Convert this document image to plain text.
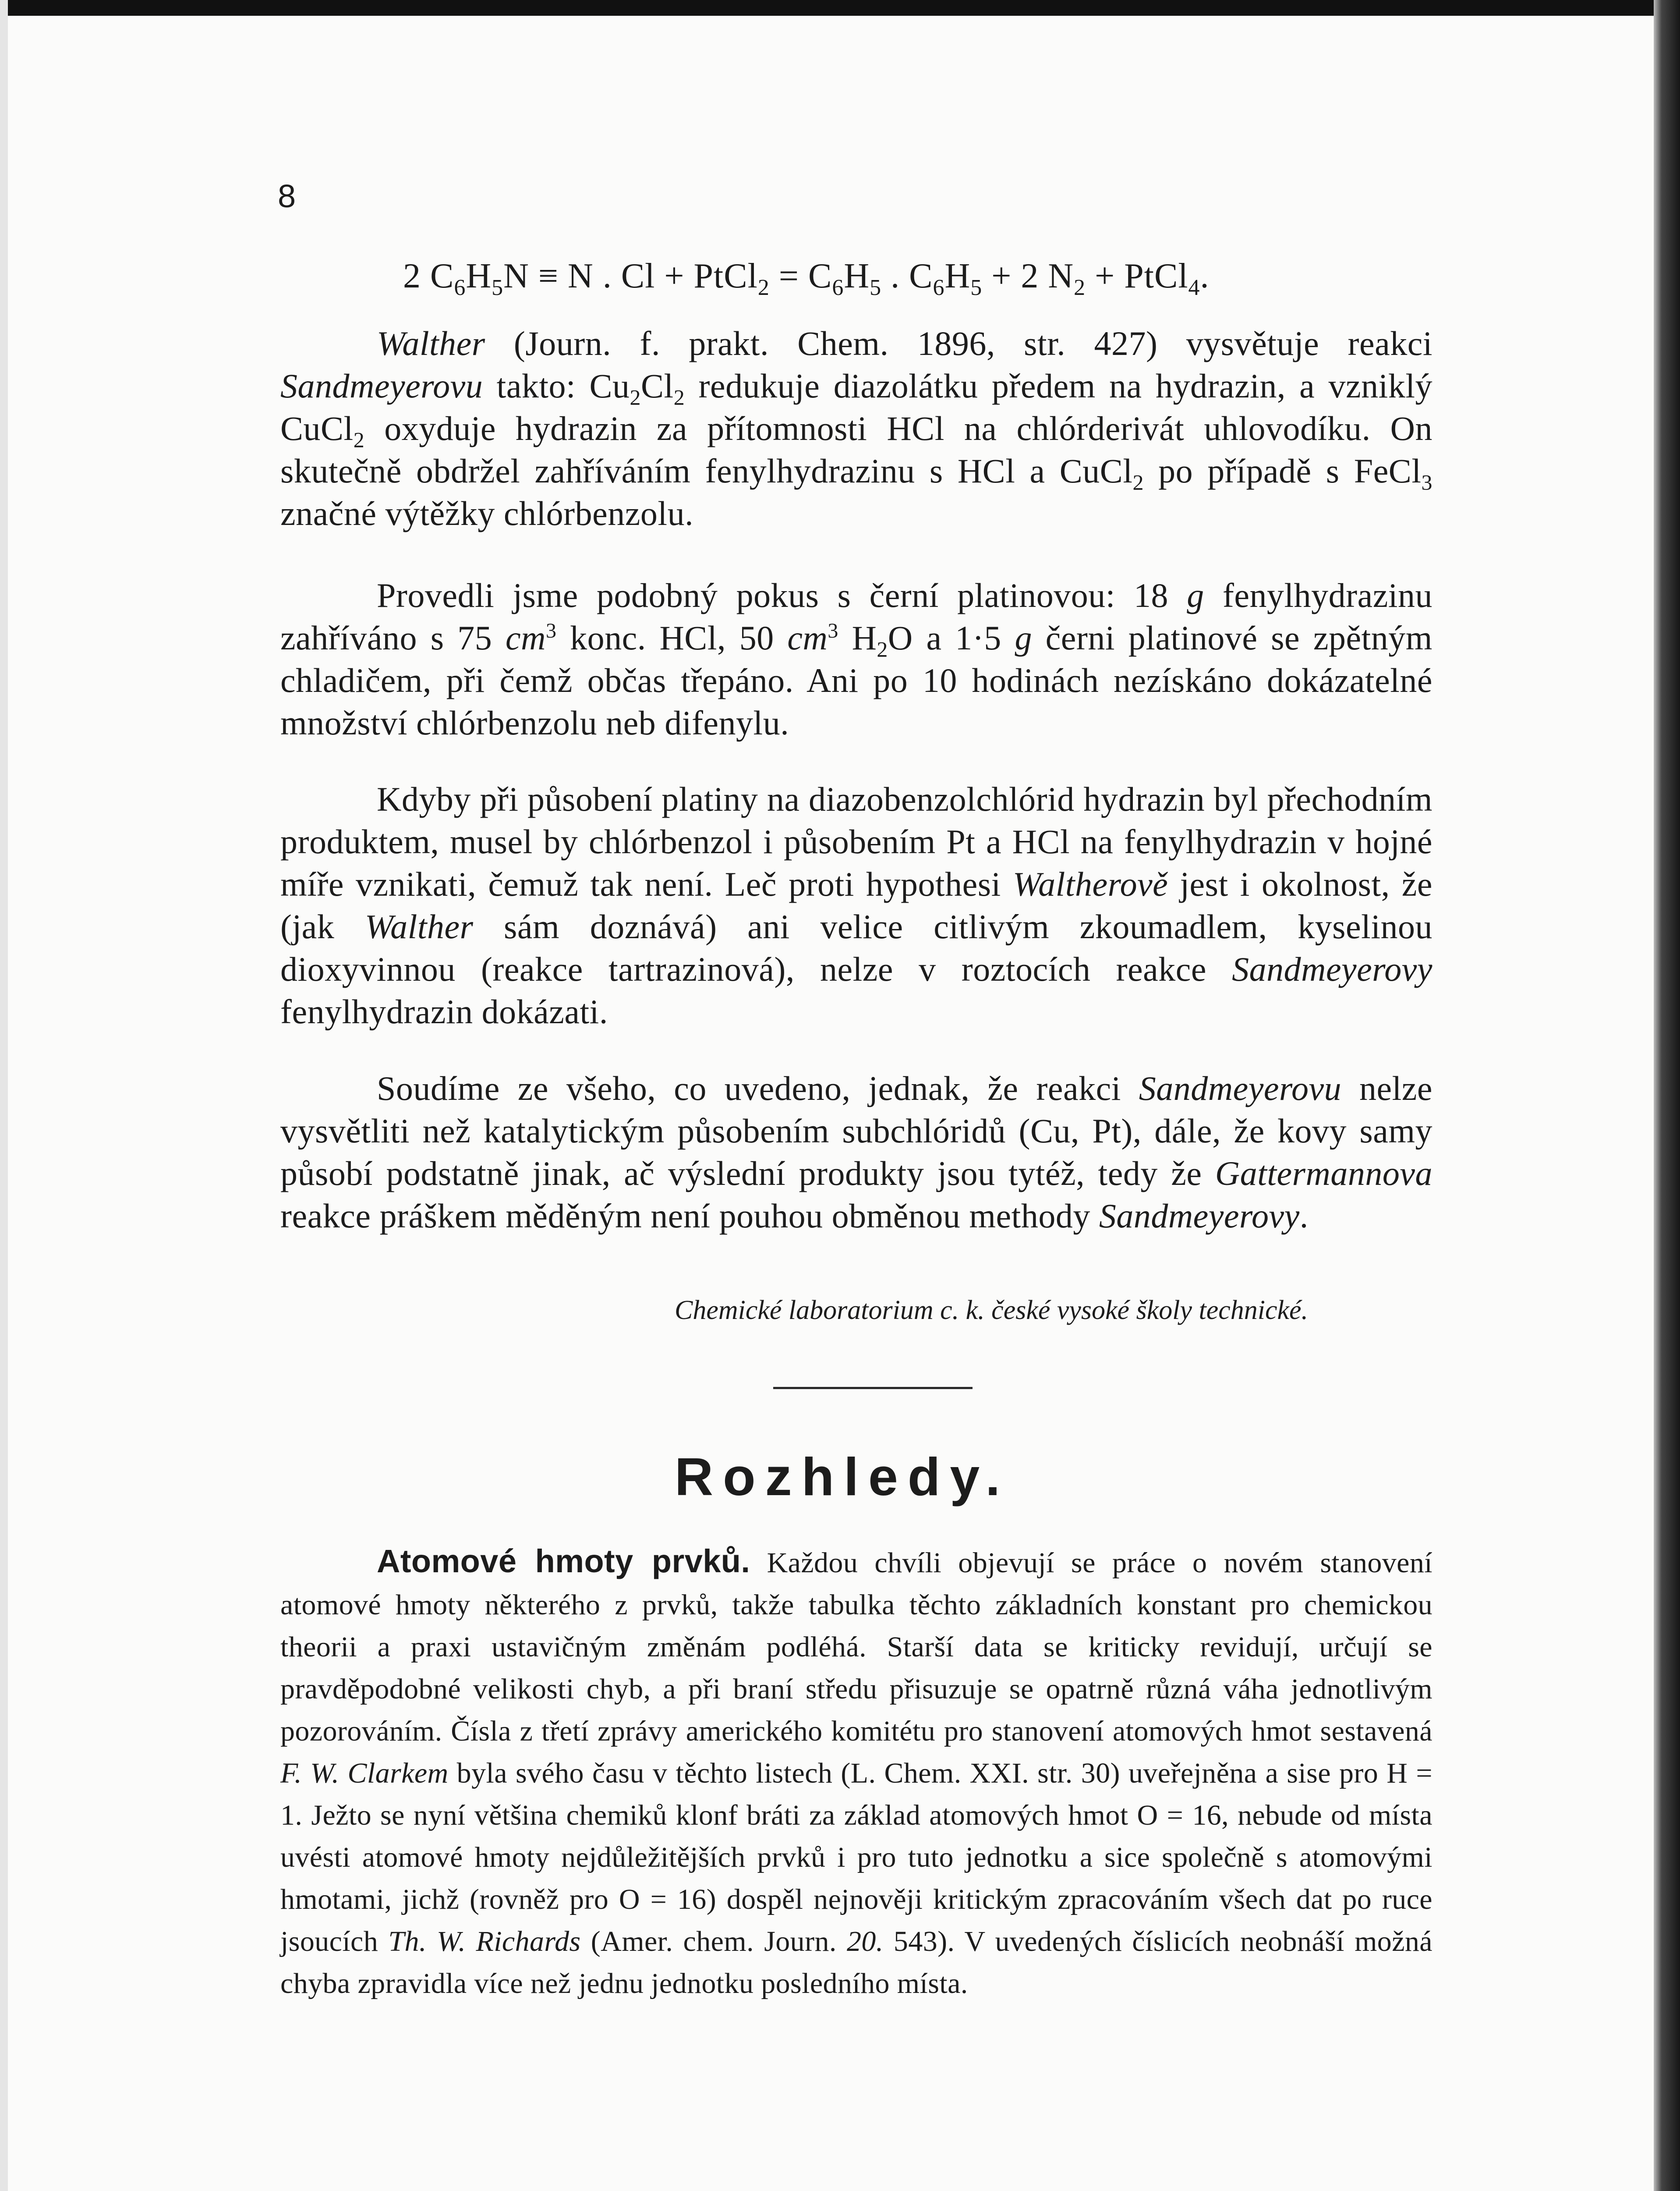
8
2 $C_6H_5N \equiv N$ . Cl + PtCl$_2$ = $C_6H_5$ . $C_6H_5 + 2$ $N_2$ + PtCl$_4$.

Walther (Journ. f. prakt. Chem. 1896, str. 427) vysvětuje reakci Sandmeyerovu takto: $Cu_2Cl_2$ redukuje diazolátku předem na hydrazin, a vzniklý CuCl$_2$ oxyduje hydrazin za přítomnosti HCl na chlórderivát uhlovodíku. On skutečně obdržel zahříváním fenylhydrazinu s HCl a CuCl$_2$ po případě s FeCl$_3$ značné výtěžky chlórbenzolu.

Provedli jsme podobný pokus s černí platinovou: 18 g fenylhydrazinu zahříváno s 75 $cm^3$ konc. HCl, 50 $cm^3$ $H_2O$ a 1·5 g černi platinové se zpětným chladičem, při čemž občas třepáno. Ani po 10 hodinách nezískáno dokázatelné množství chlórbenzolu neb difenylu.

Kdyby při působení platiny na diazobenzolchlórid hydrazin byl přechodním produktem, musel by chlórbenzol i působením Pt a HCl na fenylhydrazin v hojné míře vznikati, čemuž tak není. Leč proti hypothesi Waltherově jest i okolnost, že (jak Walther sám doznává) ani velice citlivým zkoumadlem, kyselinou dioxyvinnou (reakce tartrazinová), nelze v roztocích reakce Sandmeyerovy fenylhydrazin dokázati.

Soudíme ze všeho, co uvedeno, jednak, že reakci Sandmeyerovu nelze vysvětliti než katalytickým působením subchlóridů (Cu, Pt), dále, že kovy samy působí podstatně jinak, ač výslední produkty jsou tytéž, tedy že Gattermannova reakce práškem měděným není pouhou obměnou methody Sandmeyerovy.

Chemické laboratorium c. k. české vysoké školy technické.
Rozhledy.

Atomové hmoty prvků. Každou chvíli objevují se práce o novém stanovení atomové hmoty některého z prvků, takže tabulka těchto základních konstant pro chemickou theorii a praxi ustavičným změnám podléhá. Starší data se kriticky revidují, určují se pravděpodobné velikosti chyb, a při braní středu přisuzuje se opatrně různá váha jednotlivým pozorováním. Čísla z třetí zprávy amerického komitétu pro stanovení atomových hmot sestavená F. W. Clarkem byla svého času v těchto listech (L. Chem. XXI. str. 30) uveřejněna a sise pro H = 1. Ježto se nyní většina chemiků klonf bráti za základ atomových hmot O = 16, nebude od místa uvésti atomové hmoty nejdůležitějších prvků i pro tuto jednotku a sice společně s atomovými hmotami, jichž (rovněž pro O = 16) dospěl nejnověji kritickým zpracováním všech dat po ruce jsoucích Th. W. Richards (Amer. chem. Journ. 20. 543). V uvedených číslicích neobnáší možná chyba zpravidla více než jednu jednotku posledního místa.
